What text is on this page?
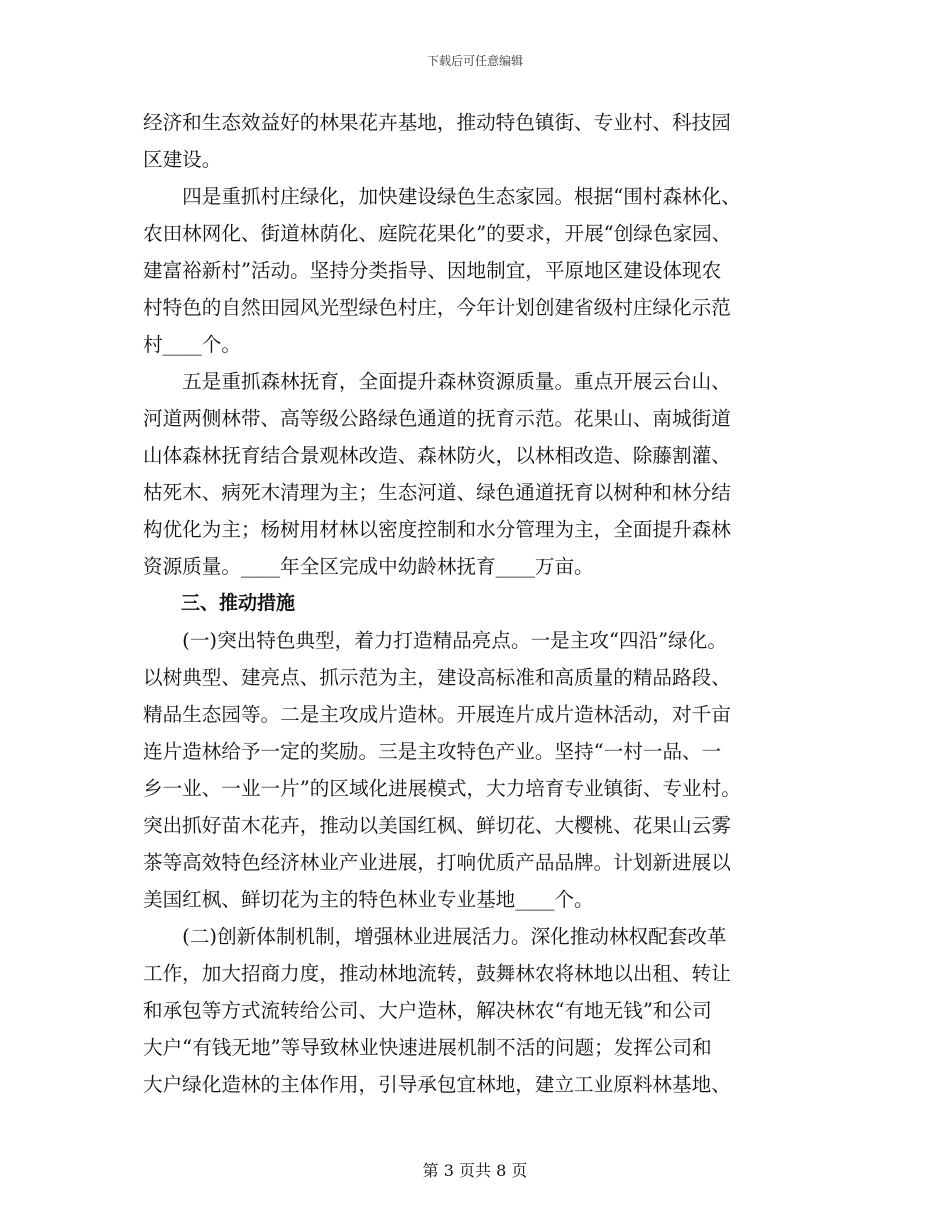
下载后可任意编辑
经济和生态效益好的林果花卉基地，推动特色镇街、专业村、科技园
区建设。
　　四是重抓村庄绿化，加快建设绿色生态家园。根据“围村森林化、
农田林网化、街道林荫化、庭院花果化”的要求，开展“创绿色家园、
建富裕新村”活动。坚持分类指导、因地制宜，平原地区建设体现农
村特色的自然田园风光型绿色村庄，今年计划创建省级村庄绿化示范
村____个。
　　五是重抓森林抚育，全面提升森林资源质量。重点开展云台山、
河道两侧林带、高等级公路绿色通道的抚育示范。花果山、南城街道
山体森林抚育结合景观林改造、森林防火，以林相改造、除藤割灌、
枯死木、病死木清理为主；生态河道、绿色通道抚育以树种和林分结
构优化为主；杨树用材林以密度控制和水分管理为主，全面提升森林
资源质量。____年全区完成中幼龄林抚育____万亩。
　　三、推动措施
　　(一)突出特色典型，着力打造精品亮点。一是主攻“四沿”绿化。
以树典型、建亮点、抓示范为主，建设高标准和高质量的精品路段、
精品生态园等。二是主攻成片造林。开展连片成片造林活动，对千亩
连片造林给予一定的奖励。三是主攻特色产业。坚持“一村一品、一
乡一业、一业一片”的区域化进展模式，大力培育专业镇街、专业村。
突出抓好苗木花卉，推动以美国红枫、鲜切花、大樱桃、花果山云雾
茶等高效特色经济林业产业进展，打响优质产品品牌。计划新进展以
美国红枫、鲜切花为主的特色林业专业基地____个。
　　(二)创新体制机制，增强林业进展活力。深化推动林权配套改革
工作，加大招商力度，推动林地流转，鼓舞林农将林地以出租、转让
和承包等方式流转给公司、大户造林，解决林农“有地无钱”和公司
大户“有钱无地”等导致林业快速进展机制不活的问题；发挥公司和
大户绿化造林的主体作用，引导承包宜林地，建立工业原料林基地、
第 3 页共 8 页
